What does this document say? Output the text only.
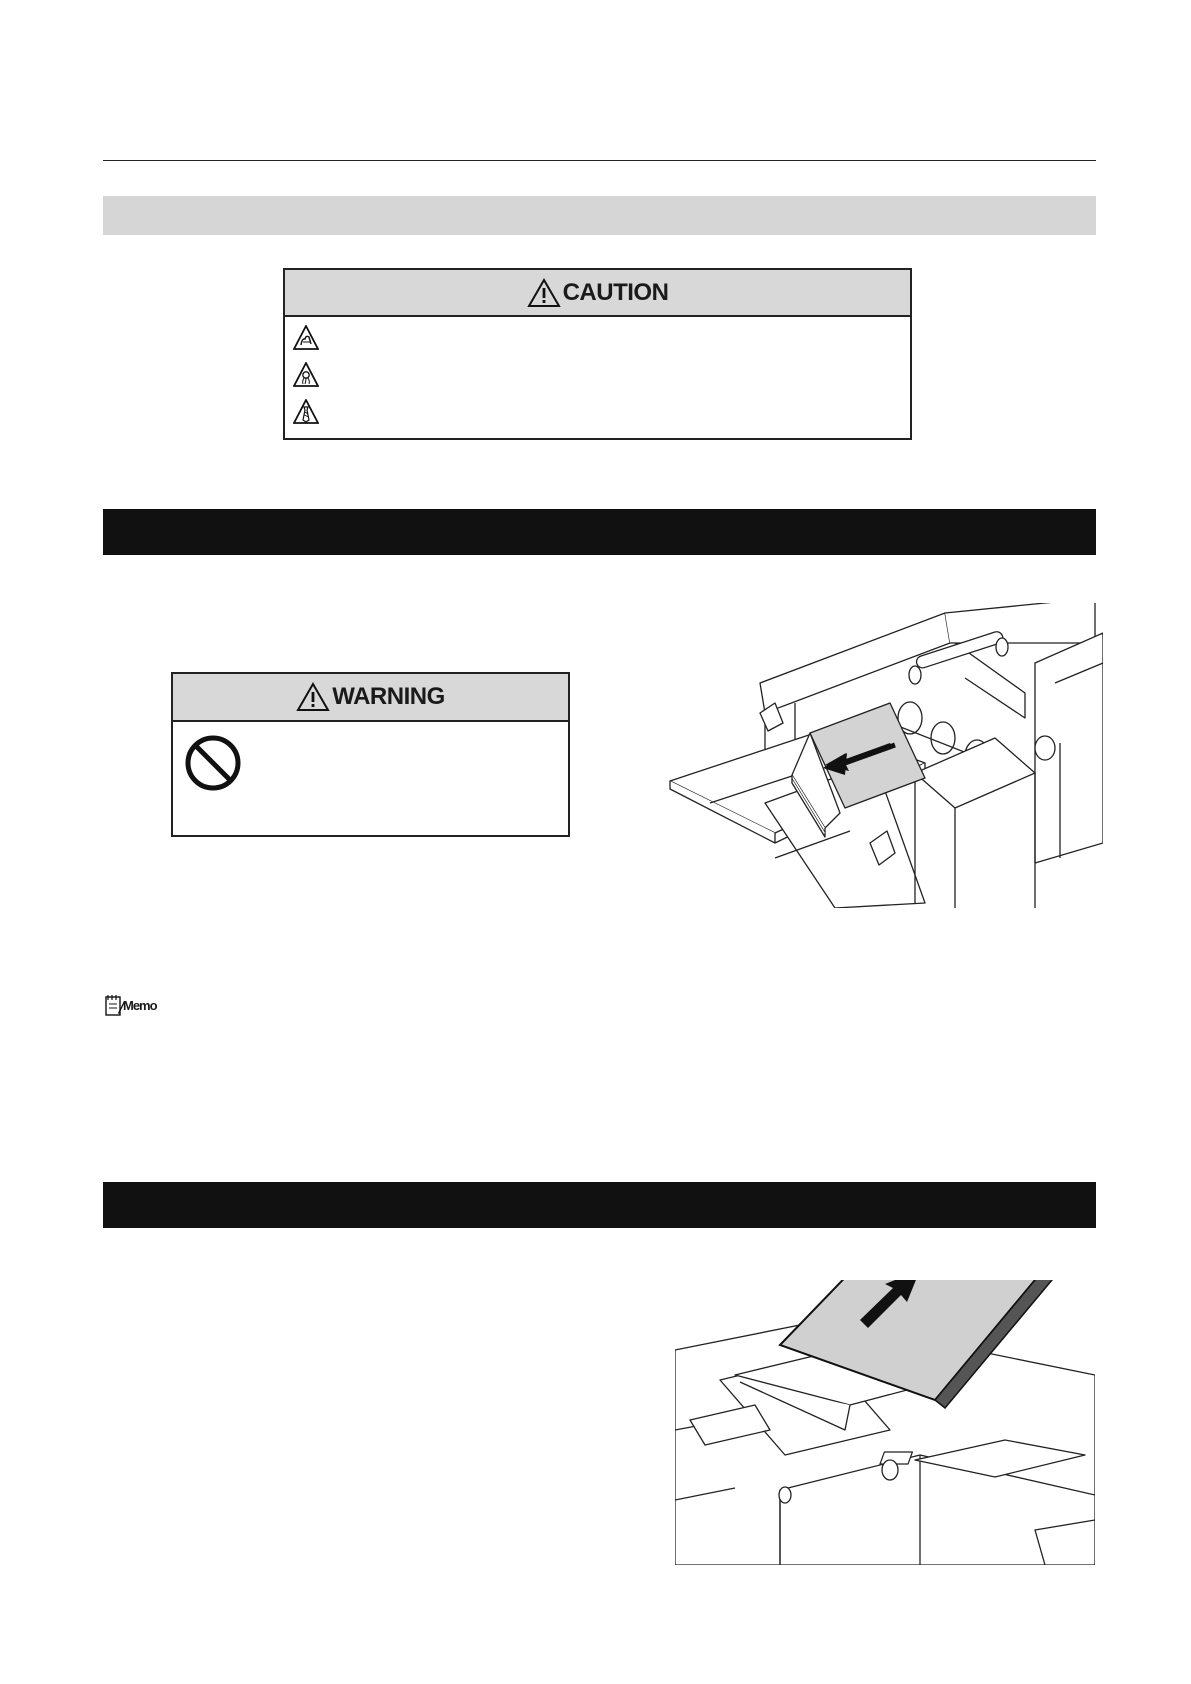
CAUTION
WARNING
Memo
